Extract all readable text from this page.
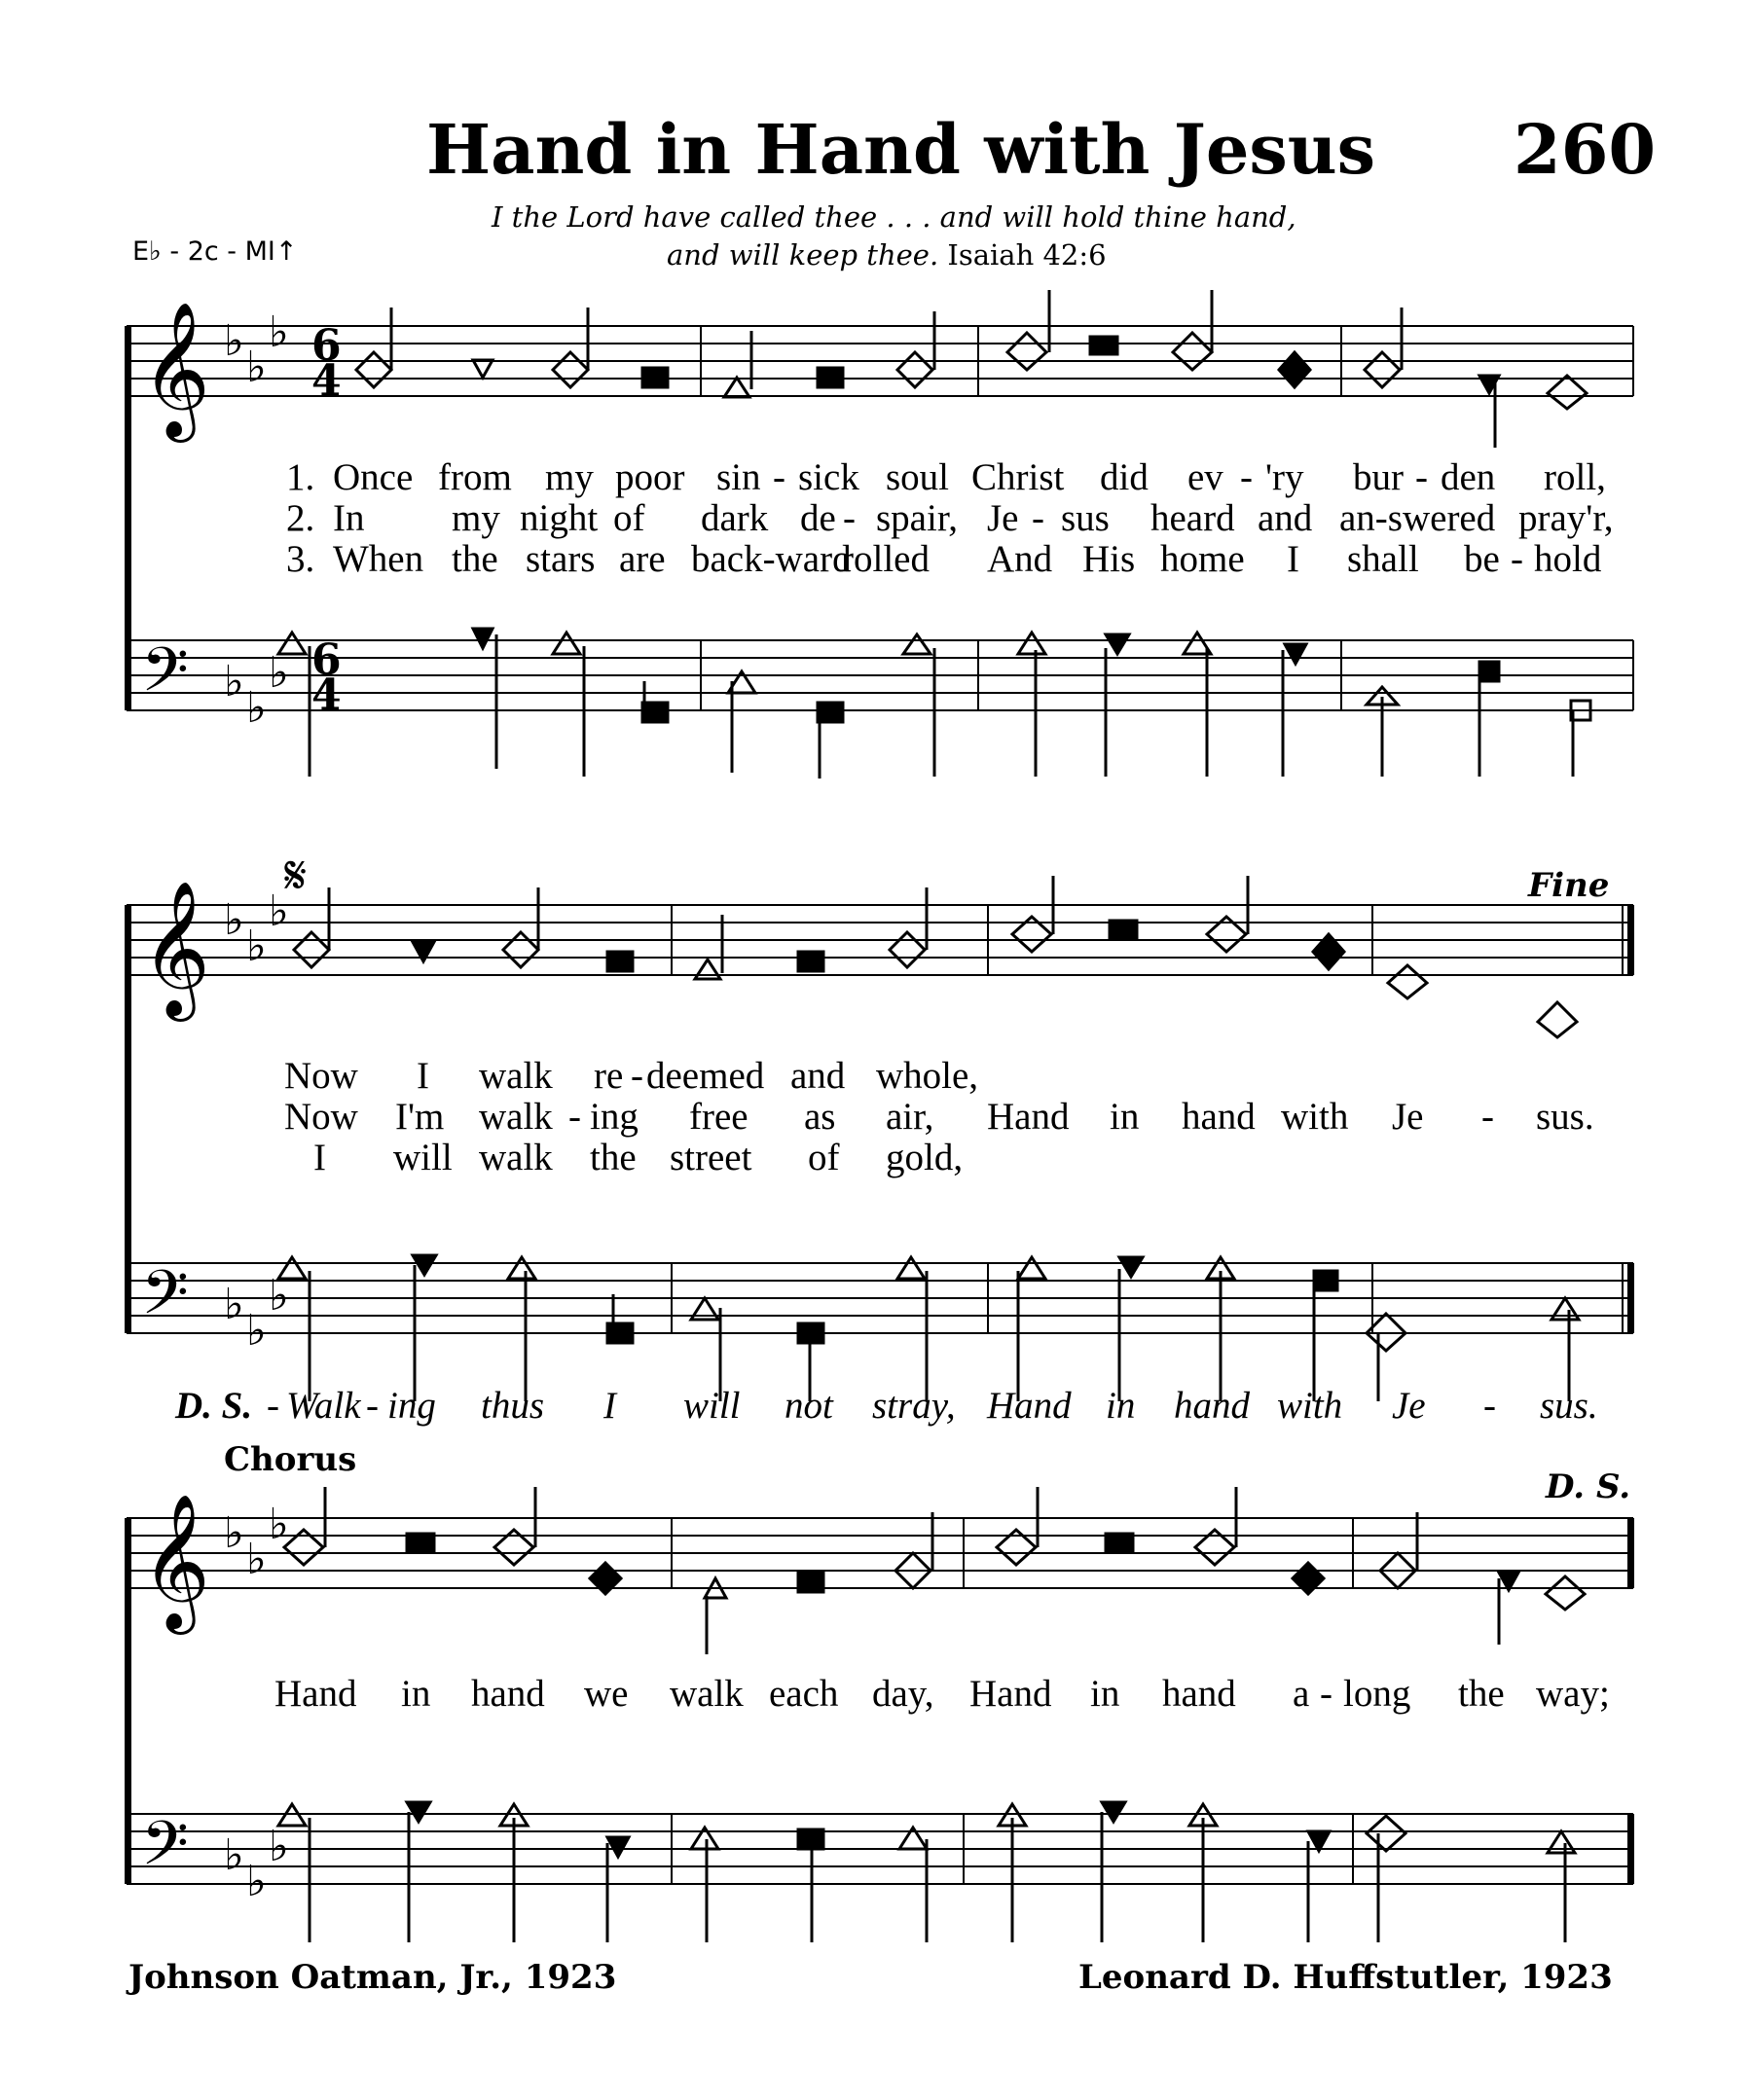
Hand in Hand with Jesus 260
I the Lord have called thee . . . and will hold thine hand,
and will keep thee. Isaiah 42:6
E♭ - 2c - MI↑
𝄞
𝄢
𝄞
𝄢
𝄞
𝄢
♭
♭
♭
♭
♭
♭
♭
♭
♭
♭
♭
♭
♭
♭
♭
♭
♭
♭
6
4
6
4
𝄋	Fine
Chorus
D. S.
1. Once from my poor sin - sick soul Christ did ev - 'ry bur - den roll,
2. In my night of dark de - spair, Je - sus heard and an-swered pray'r,
3. When the stars are back-ward
rolled And His home I shall be - hold
Now I walk re - deemed and whole,
Now I'm walk - ing free as air, Hand in hand with Je - sus.
I will walk the street of gold,
D. S. - Walk - ing thus I will not stray, Hand in hand with Je - sus.
Hand in hand we walk each day, Hand in hand a - long the way;
Johnson Oatman, Jr., 1923	Leonard D. Huffstutler, 1923
